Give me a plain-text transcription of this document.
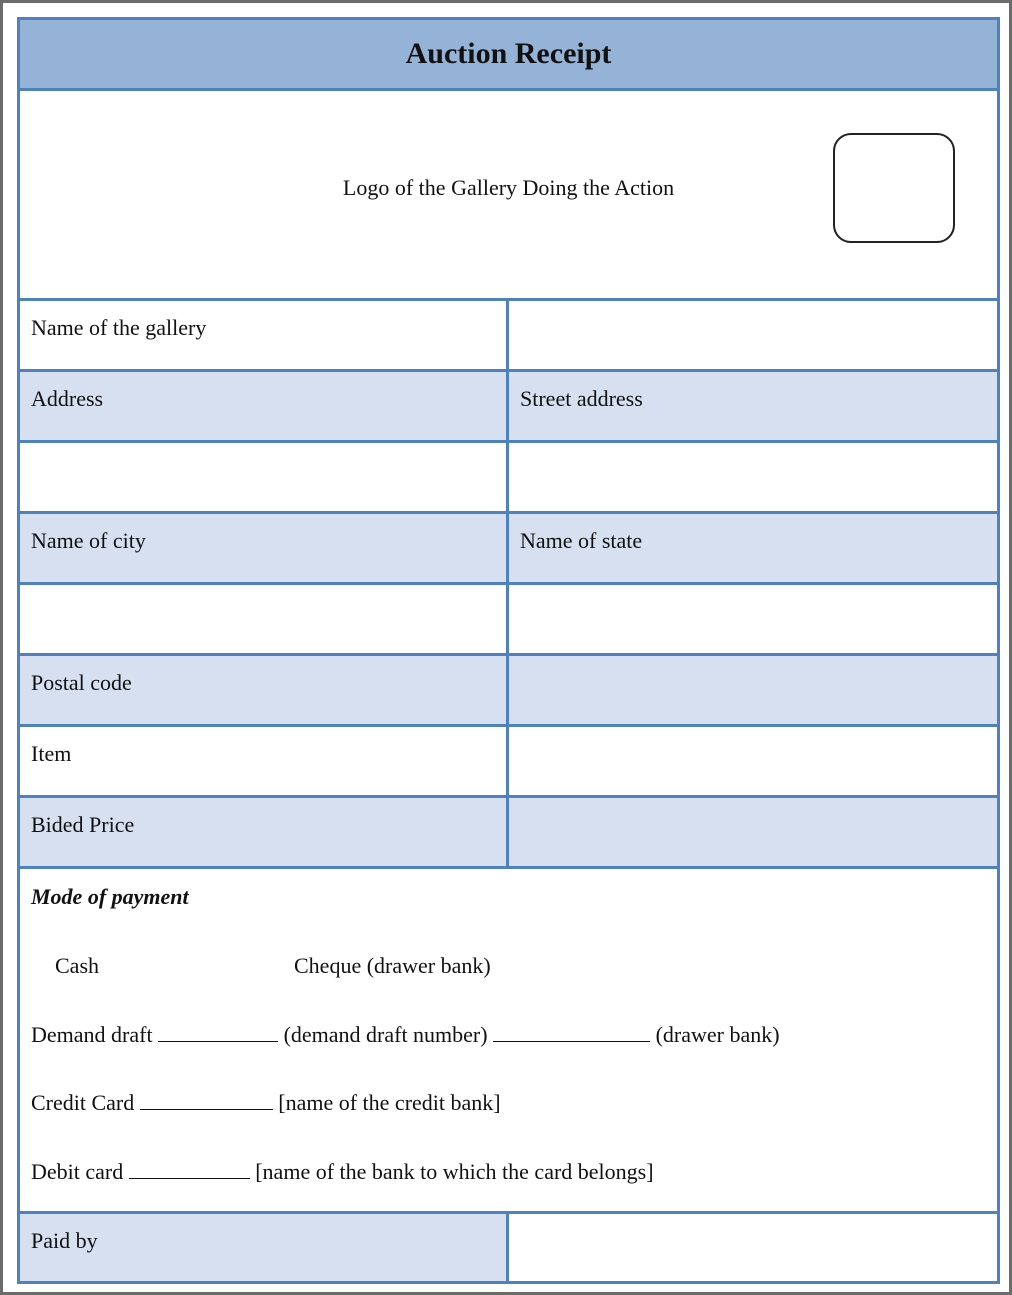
Auction Receipt
Logo of the Gallery Doing the Action
Name of the gallery
Address	Street address
Name of city	Name of state
Postal code
Item
Bided Price
Mode of payment
Cash	Cheque (drawer bank)
Demand draft	(demand draft number)	(drawer bank)
Credit Card	[name of the credit bank]
Debit card	[name of the bank to which the card belongs]
Paid by
